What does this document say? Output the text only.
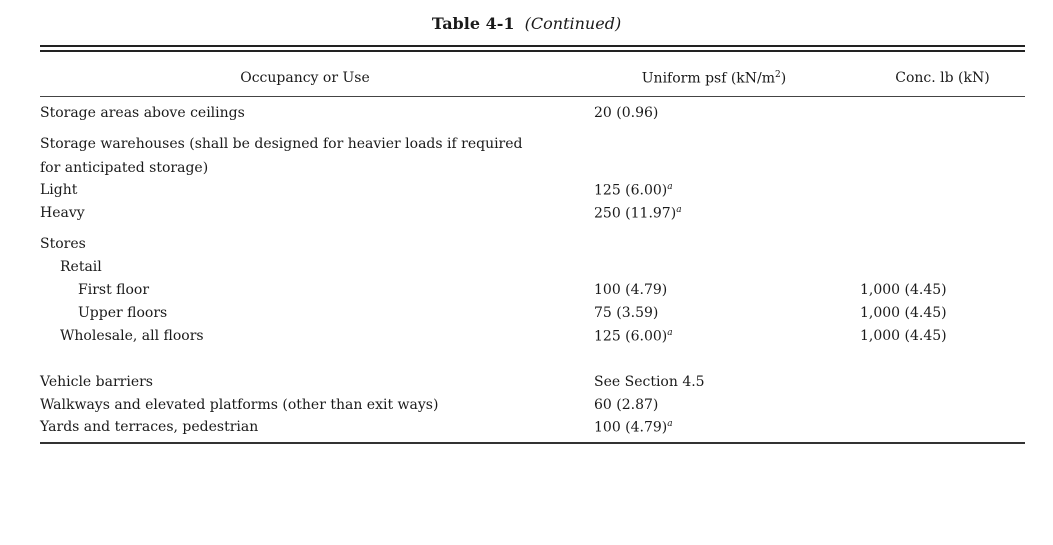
Table 4-1 (Continued)
Occupancy or Use	Uniform psf $(kN/m^2)$	Conc. lb (kN)
Storage areas above ceilings	20 (0.96)
Storage warehouses (shall be designed for heavier loads if required
for anticipated storage)
Light	125 (6.00)$^a$
Heavy	250 (11.97)$^a$
Stores
Retail
First floor	100 (4.79)	1,000 (4.45)
Upper floors	75 (3.59)	1,000 (4.45)
Wholesale, all floors	125 (6.00)$^a$	1,000 (4.45)
Vehicle barriers	See Section 4.5
Walkways and elevated platforms (other than exit ways)	60 (2.87)
Yards and terraces, pedestrian	100 (4.79)$^a$
